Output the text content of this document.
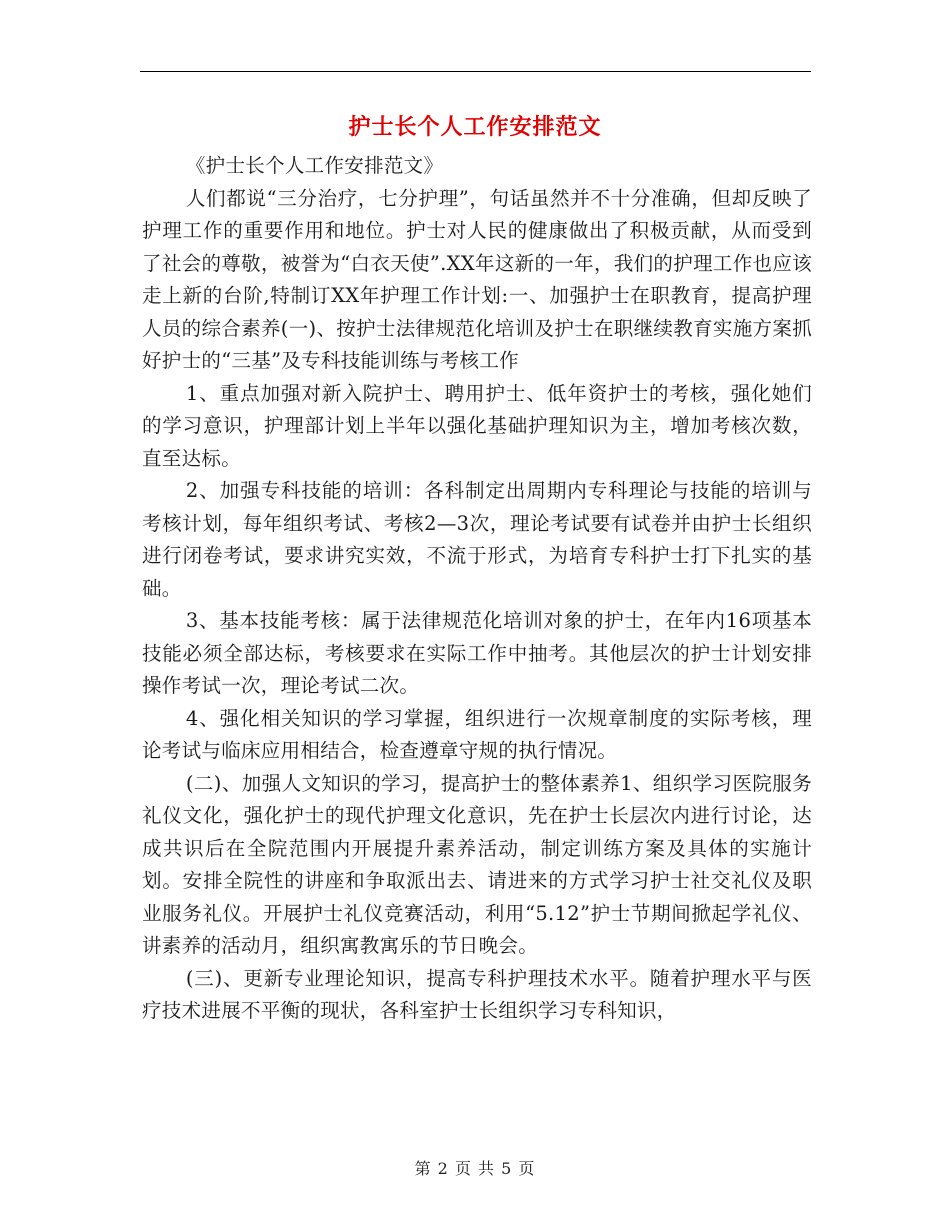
护士长个人工作安排范文

《护士长个人工作安排范文》

人们都说“三分治疗，七分护理”，句话虽然并不十分准确，但却反映了护理工作的重要作用和地位。护士对人民的健康做出了积极贡献，从而受到了社会的尊敬，被誉为“白衣天使”.XX年这新的一年，我们的护理工作也应该走上新的台阶,特制订XX年护理工作计划:一、加强护士在职教育，提高护理人员的综合素养(一)、按护士法律规范化培训及护士在职继续教育实施方案抓好护士的“三基”及专科技能训练与考核工作

1、重点加强对新入院护士、聘用护士、低年资护士的考核，强化她们的学习意识，护理部计划上半年以强化基础护理知识为主，增加考核次数，直至达标。

2、加强专科技能的培训：各科制定出周期内专科理论与技能的培训与考核计划，每年组织考试、考核2—3次，理论考试要有试卷并由护士长组织进行闭卷考试，要求讲究实效，不流于形式，为培育专科护士打下扎实的基础。

3、基本技能考核：属于法律规范化培训对象的护士，在年内16项基本技能必须全部达标，考核要求在实际工作中抽考。其他层次的护士计划安排操作考试一次，理论考试二次。

4、强化相关知识的学习掌握，组织进行一次规章制度的实际考核，理论考试与临床应用相结合，检查遵章守规的执行情况。

(二)、加强人文知识的学习，提高护士的整体素养1、组织学习医院服务礼仪文化，强化护士的现代护理文化意识，先在护士长层次内进行讨论，达成共识后在全院范围内开展提升素养活动，制定训练方案及具体的实施计划。安排全院性的讲座和争取派出去、请进来的方式学习护士社交礼仪及职业服务礼仪。开展护士礼仪竞赛活动，利用“5.12”护士节期间掀起学礼仪、讲素养的活动月，组织寓教寓乐的节日晚会。

(三)、更新专业理论知识，提高专科护理技术水平。随着护理水平与医疗技术进展不平衡的现状，各科室护士长组织学习专科知识，

第 2 页 共 5 页
